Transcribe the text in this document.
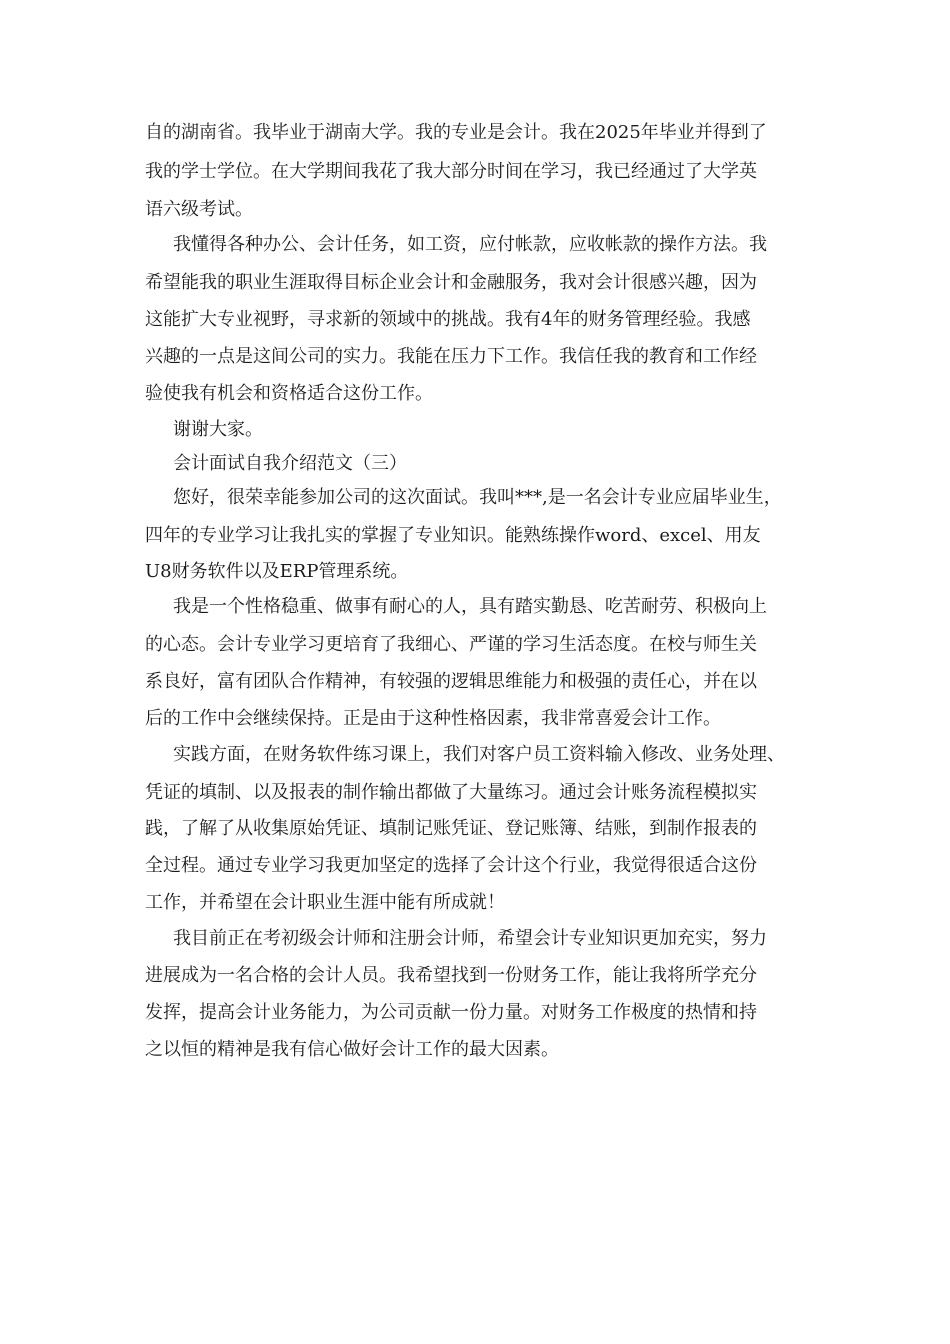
自的湖南省。我毕业于湖南大学。我的专业是会计。我在2025年毕业并得到了
我的学士学位。在大学期间我花了我大部分时间在学习，我已经通过了大学英
语六级考试。
我懂得各种办公、会计任务，如工资，应付帐款，应收帐款的操作方法。我
希望能我的职业生涯取得目标企业会计和金融服务，我对会计很感兴趣，因为
这能扩大专业视野，寻求新的领域中的挑战。我有4年的财务管理经验。我感
兴趣的一点是这间公司的实力。我能在压力下工作。我信任我的教育和工作经
验使我有机会和资格适合这份工作。
谢谢大家。
会计面试自我介绍范文（三）
您好，很荣幸能参加公司的这次面试。我叫***,是一名会计专业应届毕业生，
四年的专业学习让我扎实的掌握了专业知识。能熟练操作word、excel、用友
U8财务软件以及ERP管理系统。
我是一个性格稳重、做事有耐心的人，具有踏实勤恳、吃苦耐劳、积极向上
的心态。会计专业学习更培育了我细心、严谨的学习生活态度。在校与师生关
系良好，富有团队合作精神，有较强的逻辑思维能力和极强的责任心，并在以
后的工作中会继续保持。正是由于这种性格因素，我非常喜爱会计工作。
实践方面，在财务软件练习课上，我们对客户员工资料输入修改、业务处理、
凭证的填制、以及报表的制作输出都做了大量练习。通过会计账务流程模拟实
践，了解了从收集原始凭证、填制记账凭证、登记账簿、结账，到制作报表的
全过程。通过专业学习我更加坚定的选择了会计这个行业，我觉得很适合这份
工作，并希望在会计职业生涯中能有所成就！
我目前正在考初级会计师和注册会计师，希望会计专业知识更加充实，努力
进展成为一名合格的会计人员。我希望找到一份财务工作，能让我将所学充分
发挥，提高会计业务能力，为公司贡献一份力量。对财务工作极度的热情和持
之以恒的精神是我有信心做好会计工作的最大因素。
